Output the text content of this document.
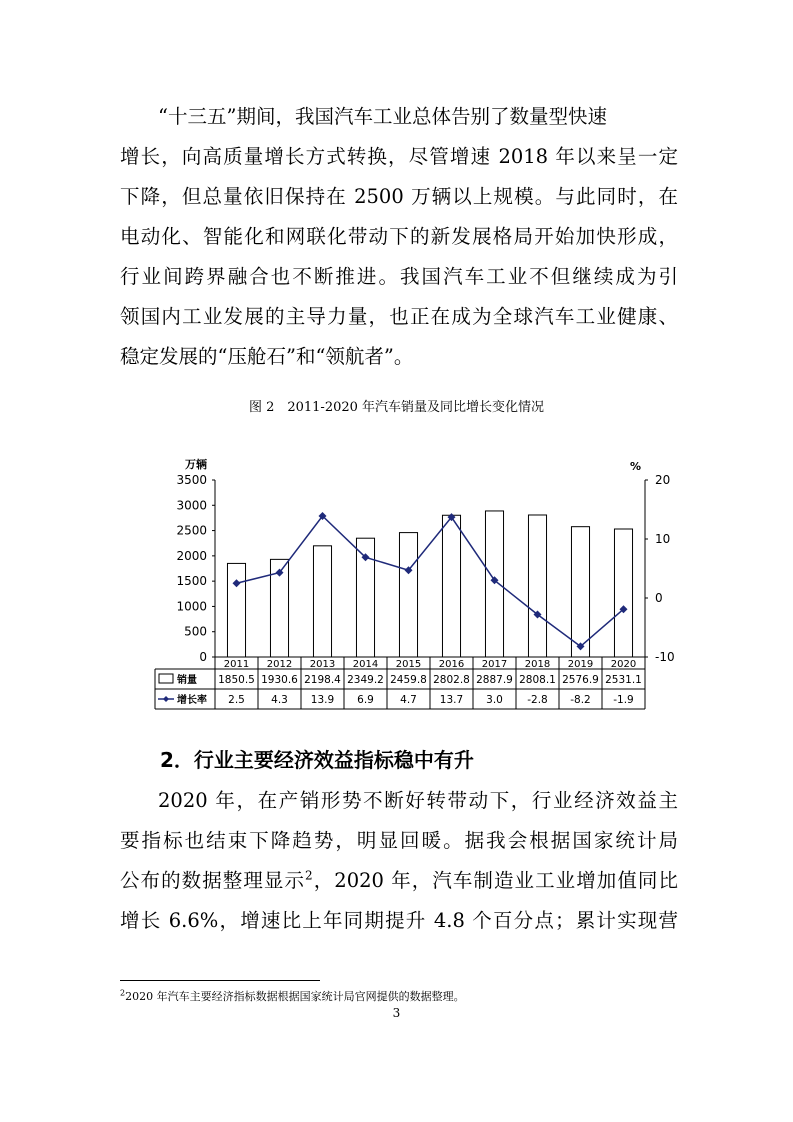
“十三五”期间，我国汽车工业总体告别了数量型快速
增长，向高质量增长方式转换，尽管增速 2018 年以来呈一定
下降，但总量依旧保持在 2500 万辆以上规模。与此同时，在
电动化、智能化和网联化带动下的新发展格局开始加快形成，
行业间跨界融合也不断推进。我国汽车工业不但继续成为引
领国内工业发展的主导力量，也正在成为全球汽车工业健康、
稳定发展的“压舱石”和“领航者”。
图 2　2011-2020 年汽车销量及同比增长变化情况
万辆	%
0
500
1000
1500
2000
2500
3000
3500
-10
0
10
20
2011
1850.5
2.5
2012
1930.6
4.3
2013
2198.4
13.9
2014
2349.2
6.9
2015
2459.8
4.7
2016
2802.8
13.7
2017
2887.9
3.0
2018
2808.1
-2.8
2019
2576.9
-8.2
2020
2531.1
-1.9
销量
增长率
2．行业主要经济效益指标稳中有升
2020 年，在产销形势不断好转带动下，行业经济效益主
要指标也结束下降趋势，明显回暖。据我会根据国家统计局
公布的数据整理显示$^2$，2020 年，汽车制造业工业增加值同比
增长 6.6%，增速比上年同期提升 4.8 个百分点；累计实现营
$^2$2020 年汽车主要经济指标数据根据国家统计局官网提供的数据整理。
3
